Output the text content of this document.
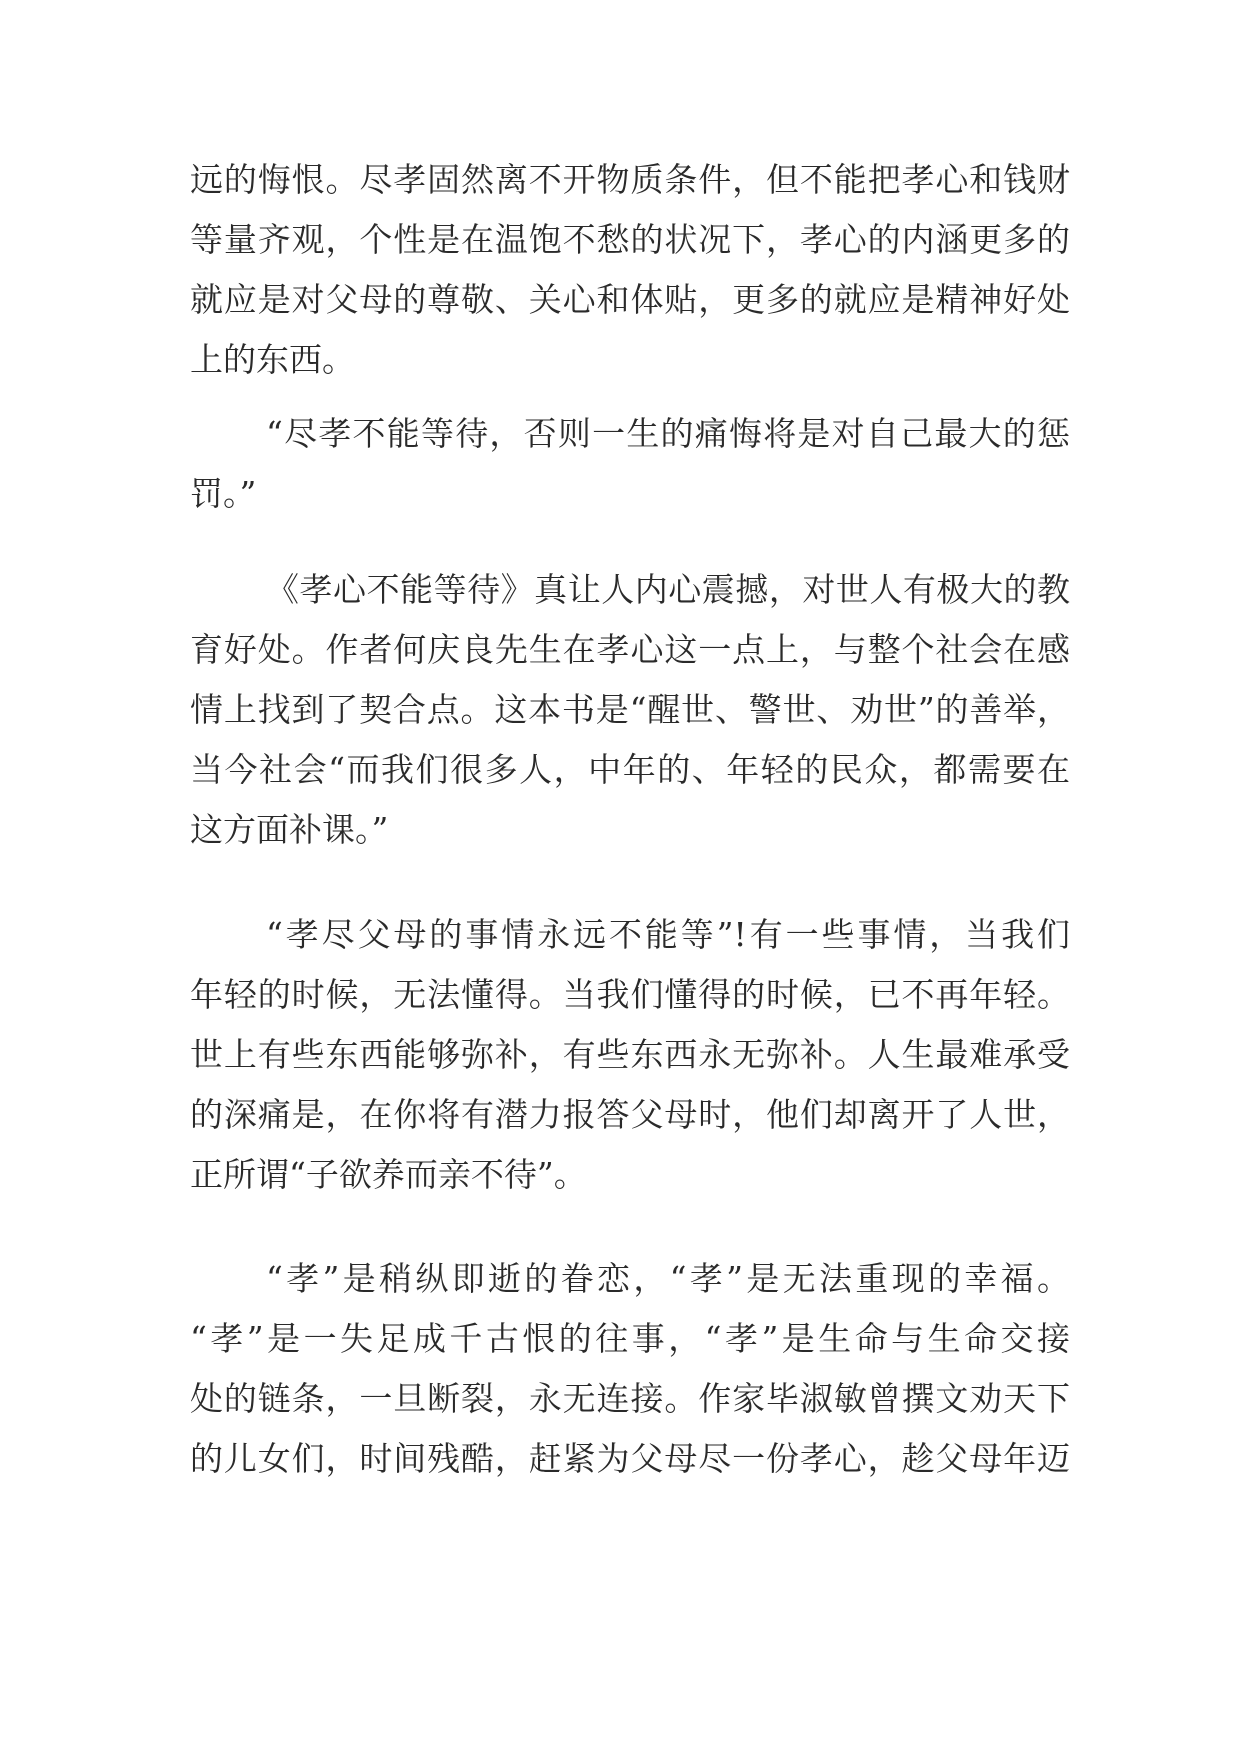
远的悔恨。尽孝固然离不开物质条件，但不能把孝心和钱财
等量齐观，个性是在温饱不愁的状况下，孝心的内涵更多的
就应是对父母的尊敬、关心和体贴，更多的就应是精神好处
上的东西。
“尽孝不能等待，否则一生的痛悔将是对自己最大的惩
罚。”
《孝心不能等待》真让人内心震撼，对世人有极大的教
育好处。作者何庆良先生在孝心这一点上，与整个社会在感
情上找到了契合点。这本书是“醒世、警世、劝世”的善举，
当今社会“而我们很多人，中年的、年轻的民众，都需要在
这方面补课。”
“孝尽父母的事情永远不能等”!有一些事情，当我们
年轻的时候，无法懂得。当我们懂得的时候，已不再年轻。
世上有些东西能够弥补，有些东西永无弥补。人生最难承受
的深痛是，在你将有潜力报答父母时，他们却离开了人世，
正所谓“子欲养而亲不待”。
“孝”是稍纵即逝的眷恋，“孝”是无法重现的幸福。
“孝”是一失足成千古恨的往事，“孝”是生命与生命交接
处的链条，一旦断裂，永无连接。作家毕淑敏曾撰文劝天下
的儿女们，时间残酷，赶紧为父母尽一份孝心，趁父母年迈
